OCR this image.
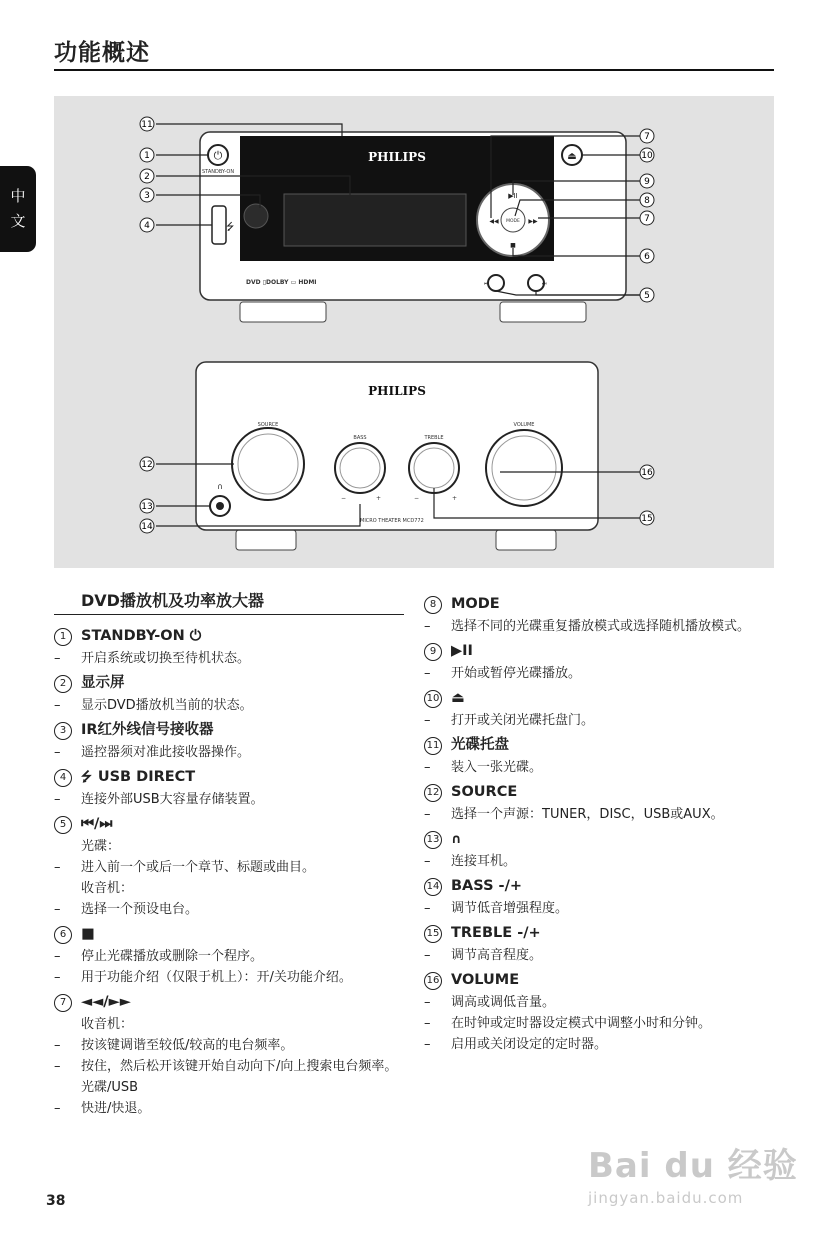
功能概述
中
文
PHILIPS
⏻
STANDBY-ON
⏏
MODE
▶II
■
◀◀	▶▶
⭍
DVD ▯DOLBY ▭ HDMI	⏮	⏭
PHILIPS
SOURCE
BASS
−	+
TREBLE
−	+
VOLUME
∩
MICRO THEATER MCD772
11
1
2
3
4
7
10
9
8
7
6
5
12
13
14
16
15
DVD播放机及功率放大器
1	STANDBY-ON ⏻
– 开启系统或切换至待机状态。
2	显示屏
– 显示DVD播放机当前的状态。
3	IR红外线信号接收器
– 遥控器须对准此接收器操作。
4	⭍ USB DIRECT
– 连接外部USB大容量存储装置。
5	⏮/⏭
光碟：
– 进入前一个或后一个章节、标题或曲目。
收音机：
– 选择一个预设电台。
6	■
– 停止光碟播放或删除一个程序。
– 用于功能介绍（仅限于机上）：开/关功能介绍。
7	◄◄/►►
收音机：
– 按该键调谐至较低/较高的电台频率。
– 按住，然后松开该键开始自动向下/向上搜索电台频率。
光碟/USB
– 快进/快退。
8	MODE
– 选择不同的光碟重复播放模式或选择随机播放模式。
9	▶II
– 开始或暂停光碟播放。
10 ⏏
– 打开或关闭光碟托盘门。
11 光碟托盘
– 装入一张光碟。
12 SOURCE
– 选择一个声源：TUNER，DISC，USB或AUX。
13 ∩
– 连接耳机。
14 BASS -/+
– 调节低音增强程度。
15 TREBLE -/+
– 调节高音程度。
16 VOLUME
– 调高或调低音量。
– 在时钟或定时器设定模式中调整小时和分钟。
– 启用或关闭设定的定时器。
38
Bai du 经验
jingyan.baidu.com
